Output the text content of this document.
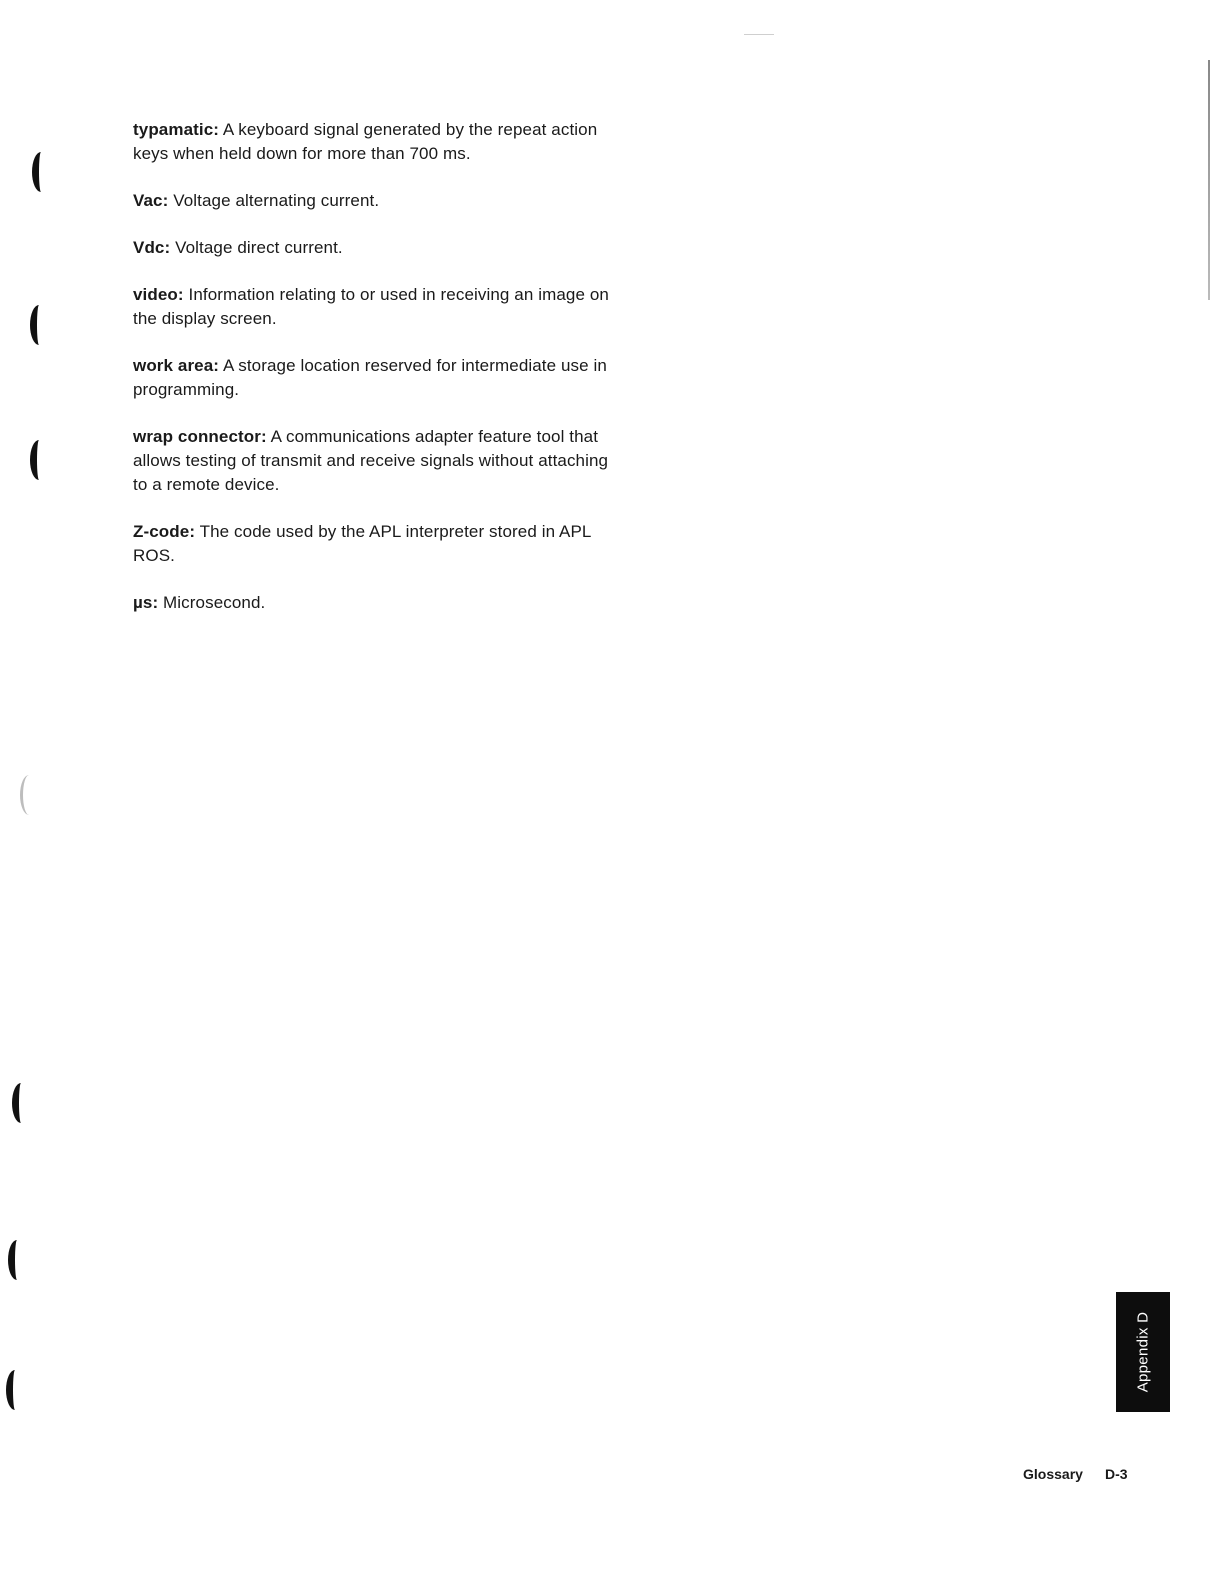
typamatic: A keyboard signal generated by the repeat action keys when held down for more than 700 ms.

Vac: Voltage alternating current.

Vdc: Voltage direct current.

video: Information relating to or used in receiving an image on the display screen.

work area: A storage location reserved for intermediate use in programming.

wrap connector: A communications adapter feature tool that allows testing of transmit and receive signals without attaching to a remote device.

Z-code: The code used by the APL interpreter stored in APL ROS.

µs: Microsecond.

Appendix D
Glossary D-3
